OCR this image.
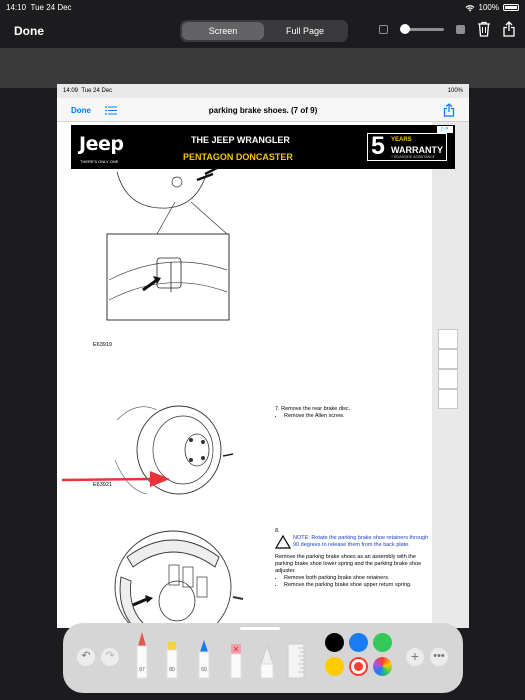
14:10 Tue 24 Dec	100%
Done	Screen	Full Page
14:09 Tue 24 Dec	100%
Done	parking brake shoes. (7 of 9)
Jeep
THERE'S ONLY ONE
THE JEEP WRANGLER
PENTAGON DONCASTER	5 YEARS
WARRANTY
+ ROADSIDE ASSISTANCE
▷✕
E63919
E63921
7. Remove the rear brake disc.
• Remove the Allen screw.
8.
NOTE: Rotate the parking brake shoe retainers through 90 degrees to release them from the back plate.
Remove the parking brake shoes as an assembly with the parking brake shoe lower spring and the parking brake shoe adjuster.
• Remove both parking brake shoe retainers.
• Remove the parking brake shoe upper return spring.
↶	↷
97	80	50
+	•••
